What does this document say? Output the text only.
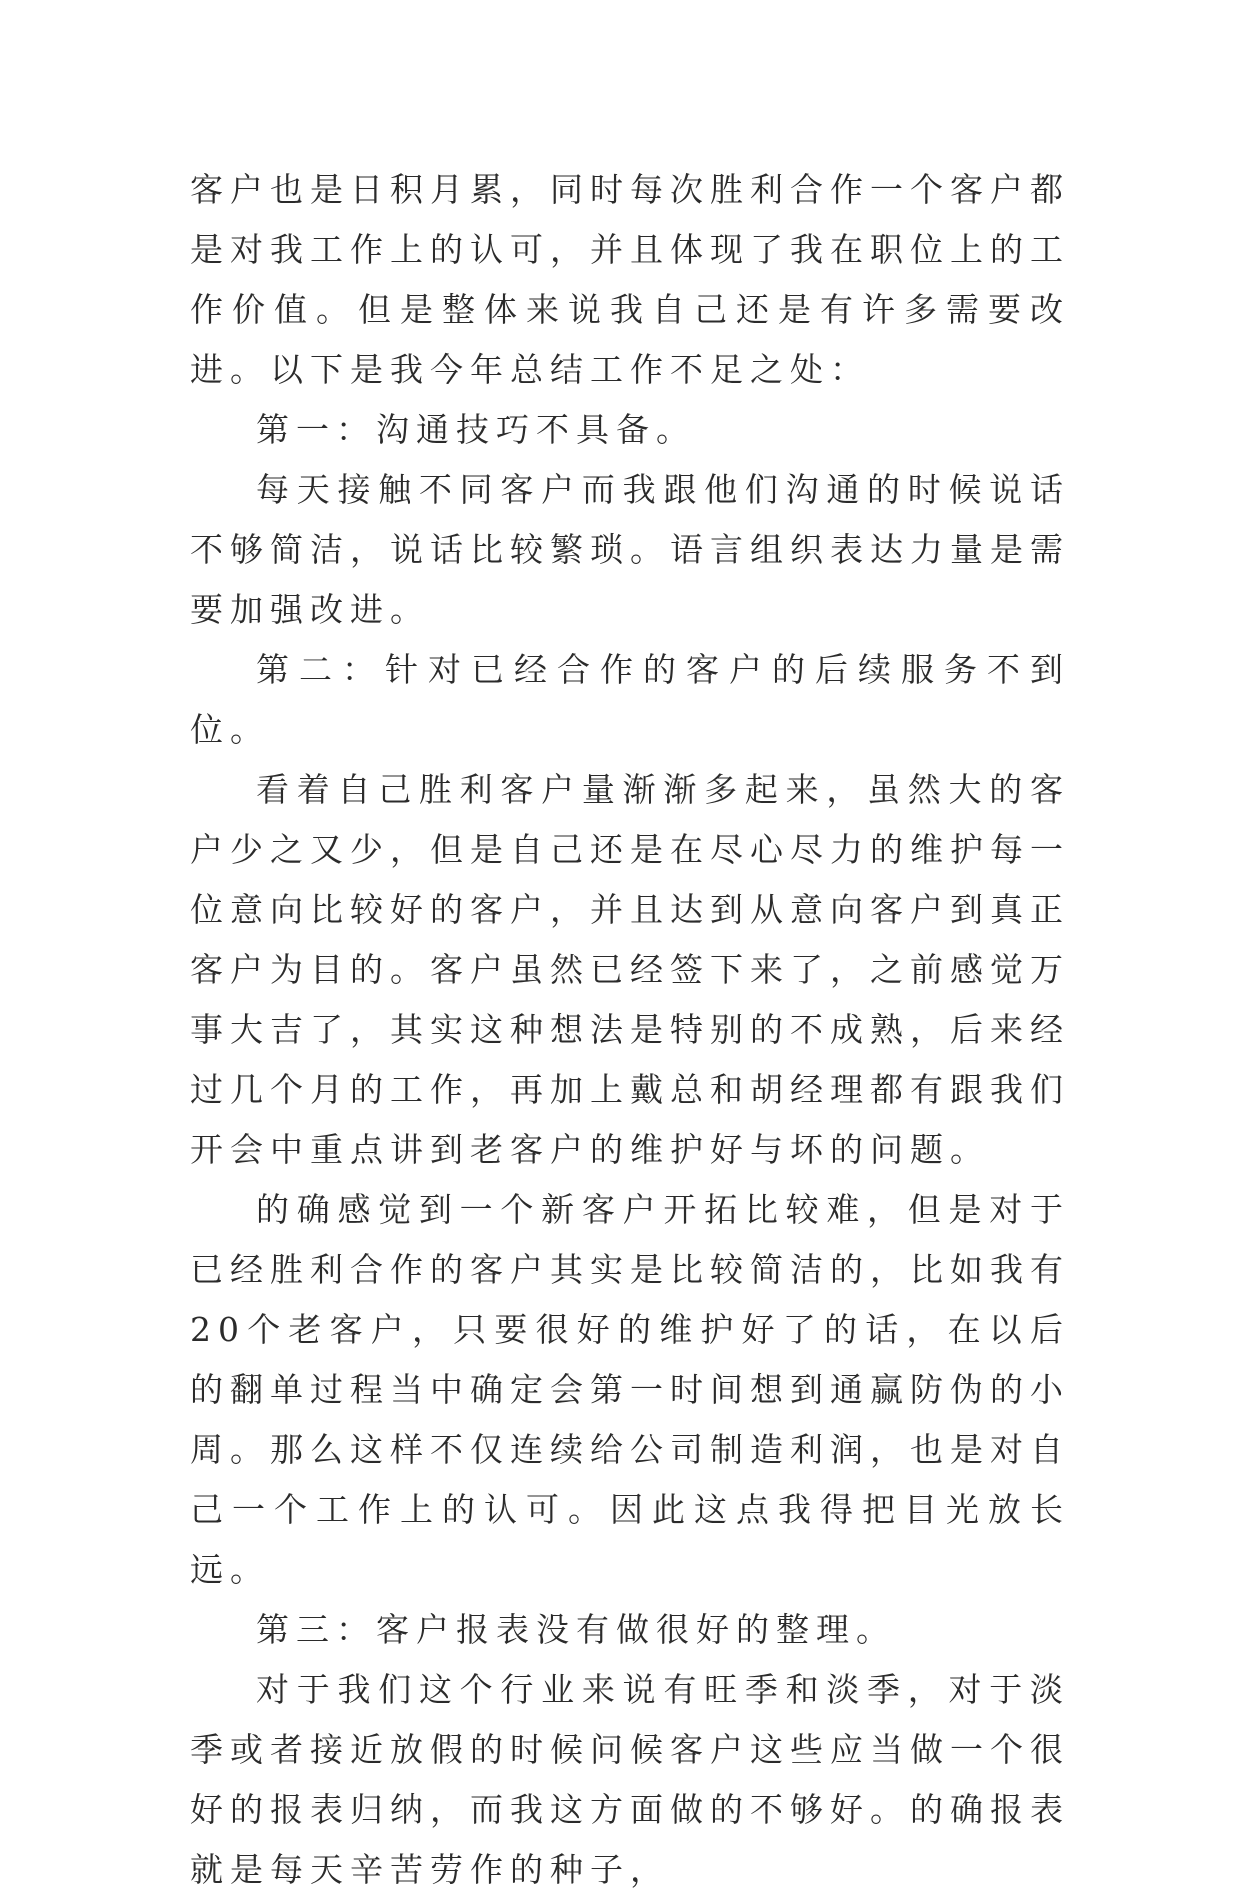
客户也是日积月累，同时每次胜利合作一个客户都是对我工作上的认可，并且体现了我在职位上的工作价值。但是整体来说我自己还是有许多需要改进。以下是我今年总结工作不足之处：

第一：沟通技巧不具备。

每天接触不同客户而我跟他们沟通的时候说话不够简洁，说话比较繁琐。语言组织表达力量是需要加强改进。

第二：针对已经合作的客户的后续服务不到位。

看着自己胜利客户量渐渐多起来，虽然大的客户少之又少，但是自己还是在尽心尽力的维护每一位意向比较好的客户，并且达到从意向客户到真正客户为目的。客户虽然已经签下来了，之前感觉万事大吉了，其实这种想法是特别的不成熟，后来经过几个月的工作，再加上戴总和胡经理都有跟我们开会中重点讲到老客户的维护好与坏的问题。

的确感觉到一个新客户开拓比较难，但是对于已经胜利合作的客户其实是比较简洁的，比如我有20个老客户，只要很好的维护好了的话，在以后的翻单过程当中确定会第一时间想到通赢防伪的小周。那么这样不仅连续给公司制造利润，也是对自己一个工作上的认可。因此这点我得把目光放长远。

第三：客户报表没有做很好的整理。

对于我们这个行业来说有旺季和淡季，对于淡季或者接近放假的时候问候客户这些应当做一个很好的报表归纳，而我这方面做的不够好。的确报表就是每天辛苦劳作的种子，
